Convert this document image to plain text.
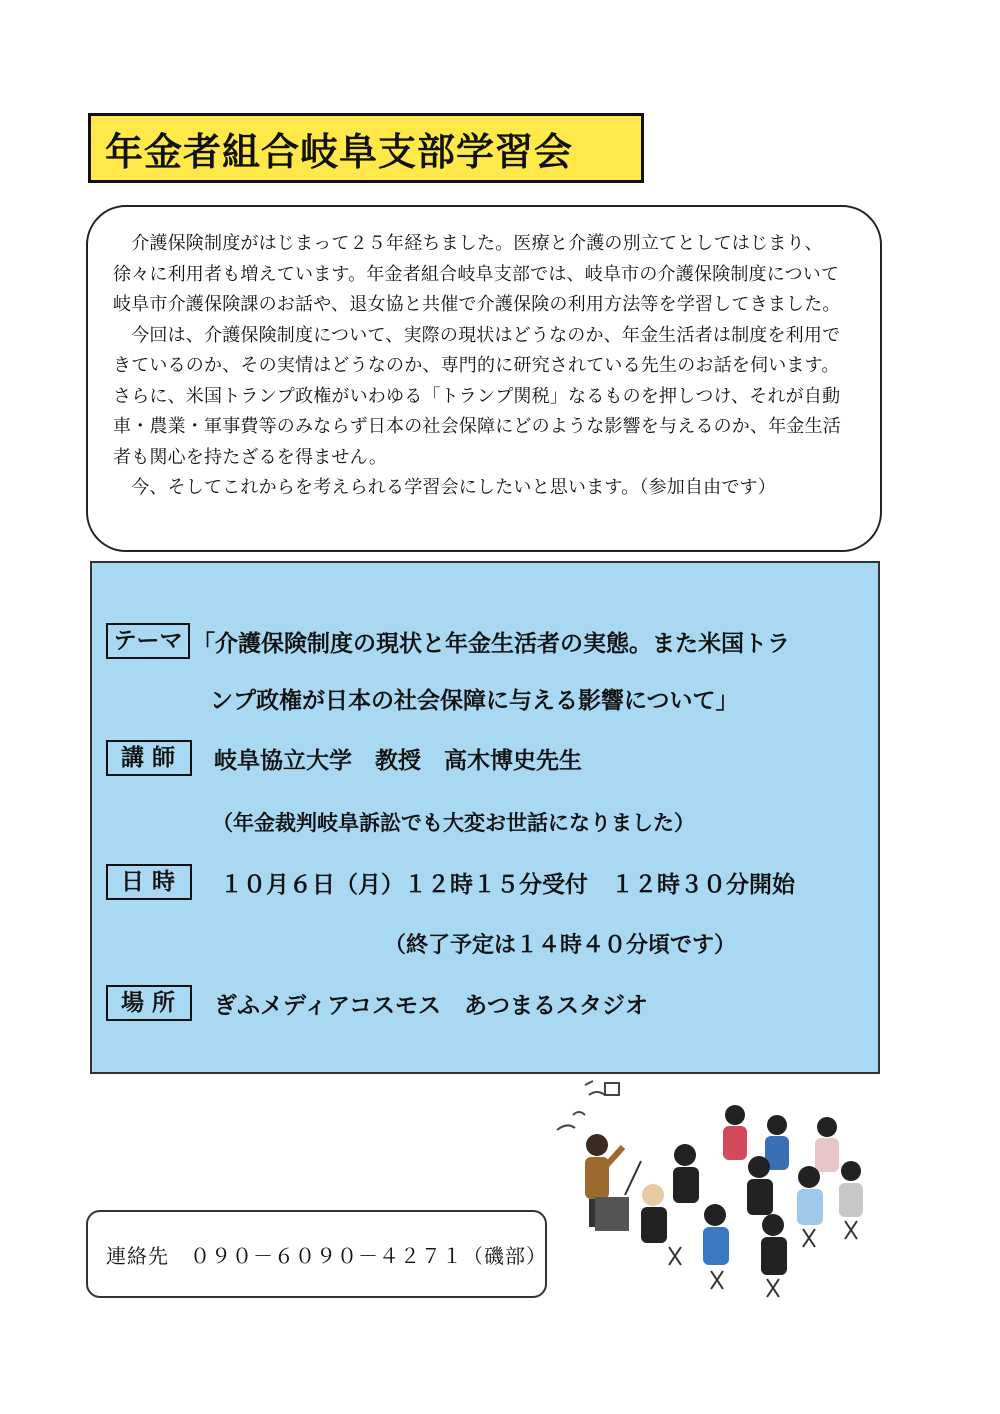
年金者組合岐阜支部学習会

　介護保険制度がはじまって２５年経ちました。医療と介護の別立てとしてはじまり、徐々に利用者も増えています。年金者組合岐阜支部では、岐阜市の介護保険制度について岐阜市介護保険課のお話や、退女協と共催で介護保険の利用方法等を学習してきました。

　今回は、介護保険制度について、実際の現状はどうなのか、年金生活者は制度を利用できているのか、その実情はどうなのか、専門的に研究されている先生のお話を伺います。さらに、米国トランプ政権がいわゆる「トランプ関税」なるものを押しつけ、それが自動車・農業・軍事費等のみならず日本の社会保障にどのような影響を与えるのか、年金生活者も関心を持たざるを得ません。

　今、そしてこれからを考えられる学習会にしたいと思います。（参加自由です）

テーマ 「介護保険制度の現状と年金生活者の実態。また米国トラ
ンプ政権が日本の社会保障に与える影響について」
講師	岐阜協立大学　教授　高木博史先生
（年金裁判岐阜訴訟でも大変お世話になりました）
日時	１０月６日（月）１２時１５分受付　１２時３０分開始
（終了予定は１４時４０分頃です）
場所	ぎふメディアコスモス　あつまるスタジオ
連絡先　０９０－６０９０－４２７１（磯部）
